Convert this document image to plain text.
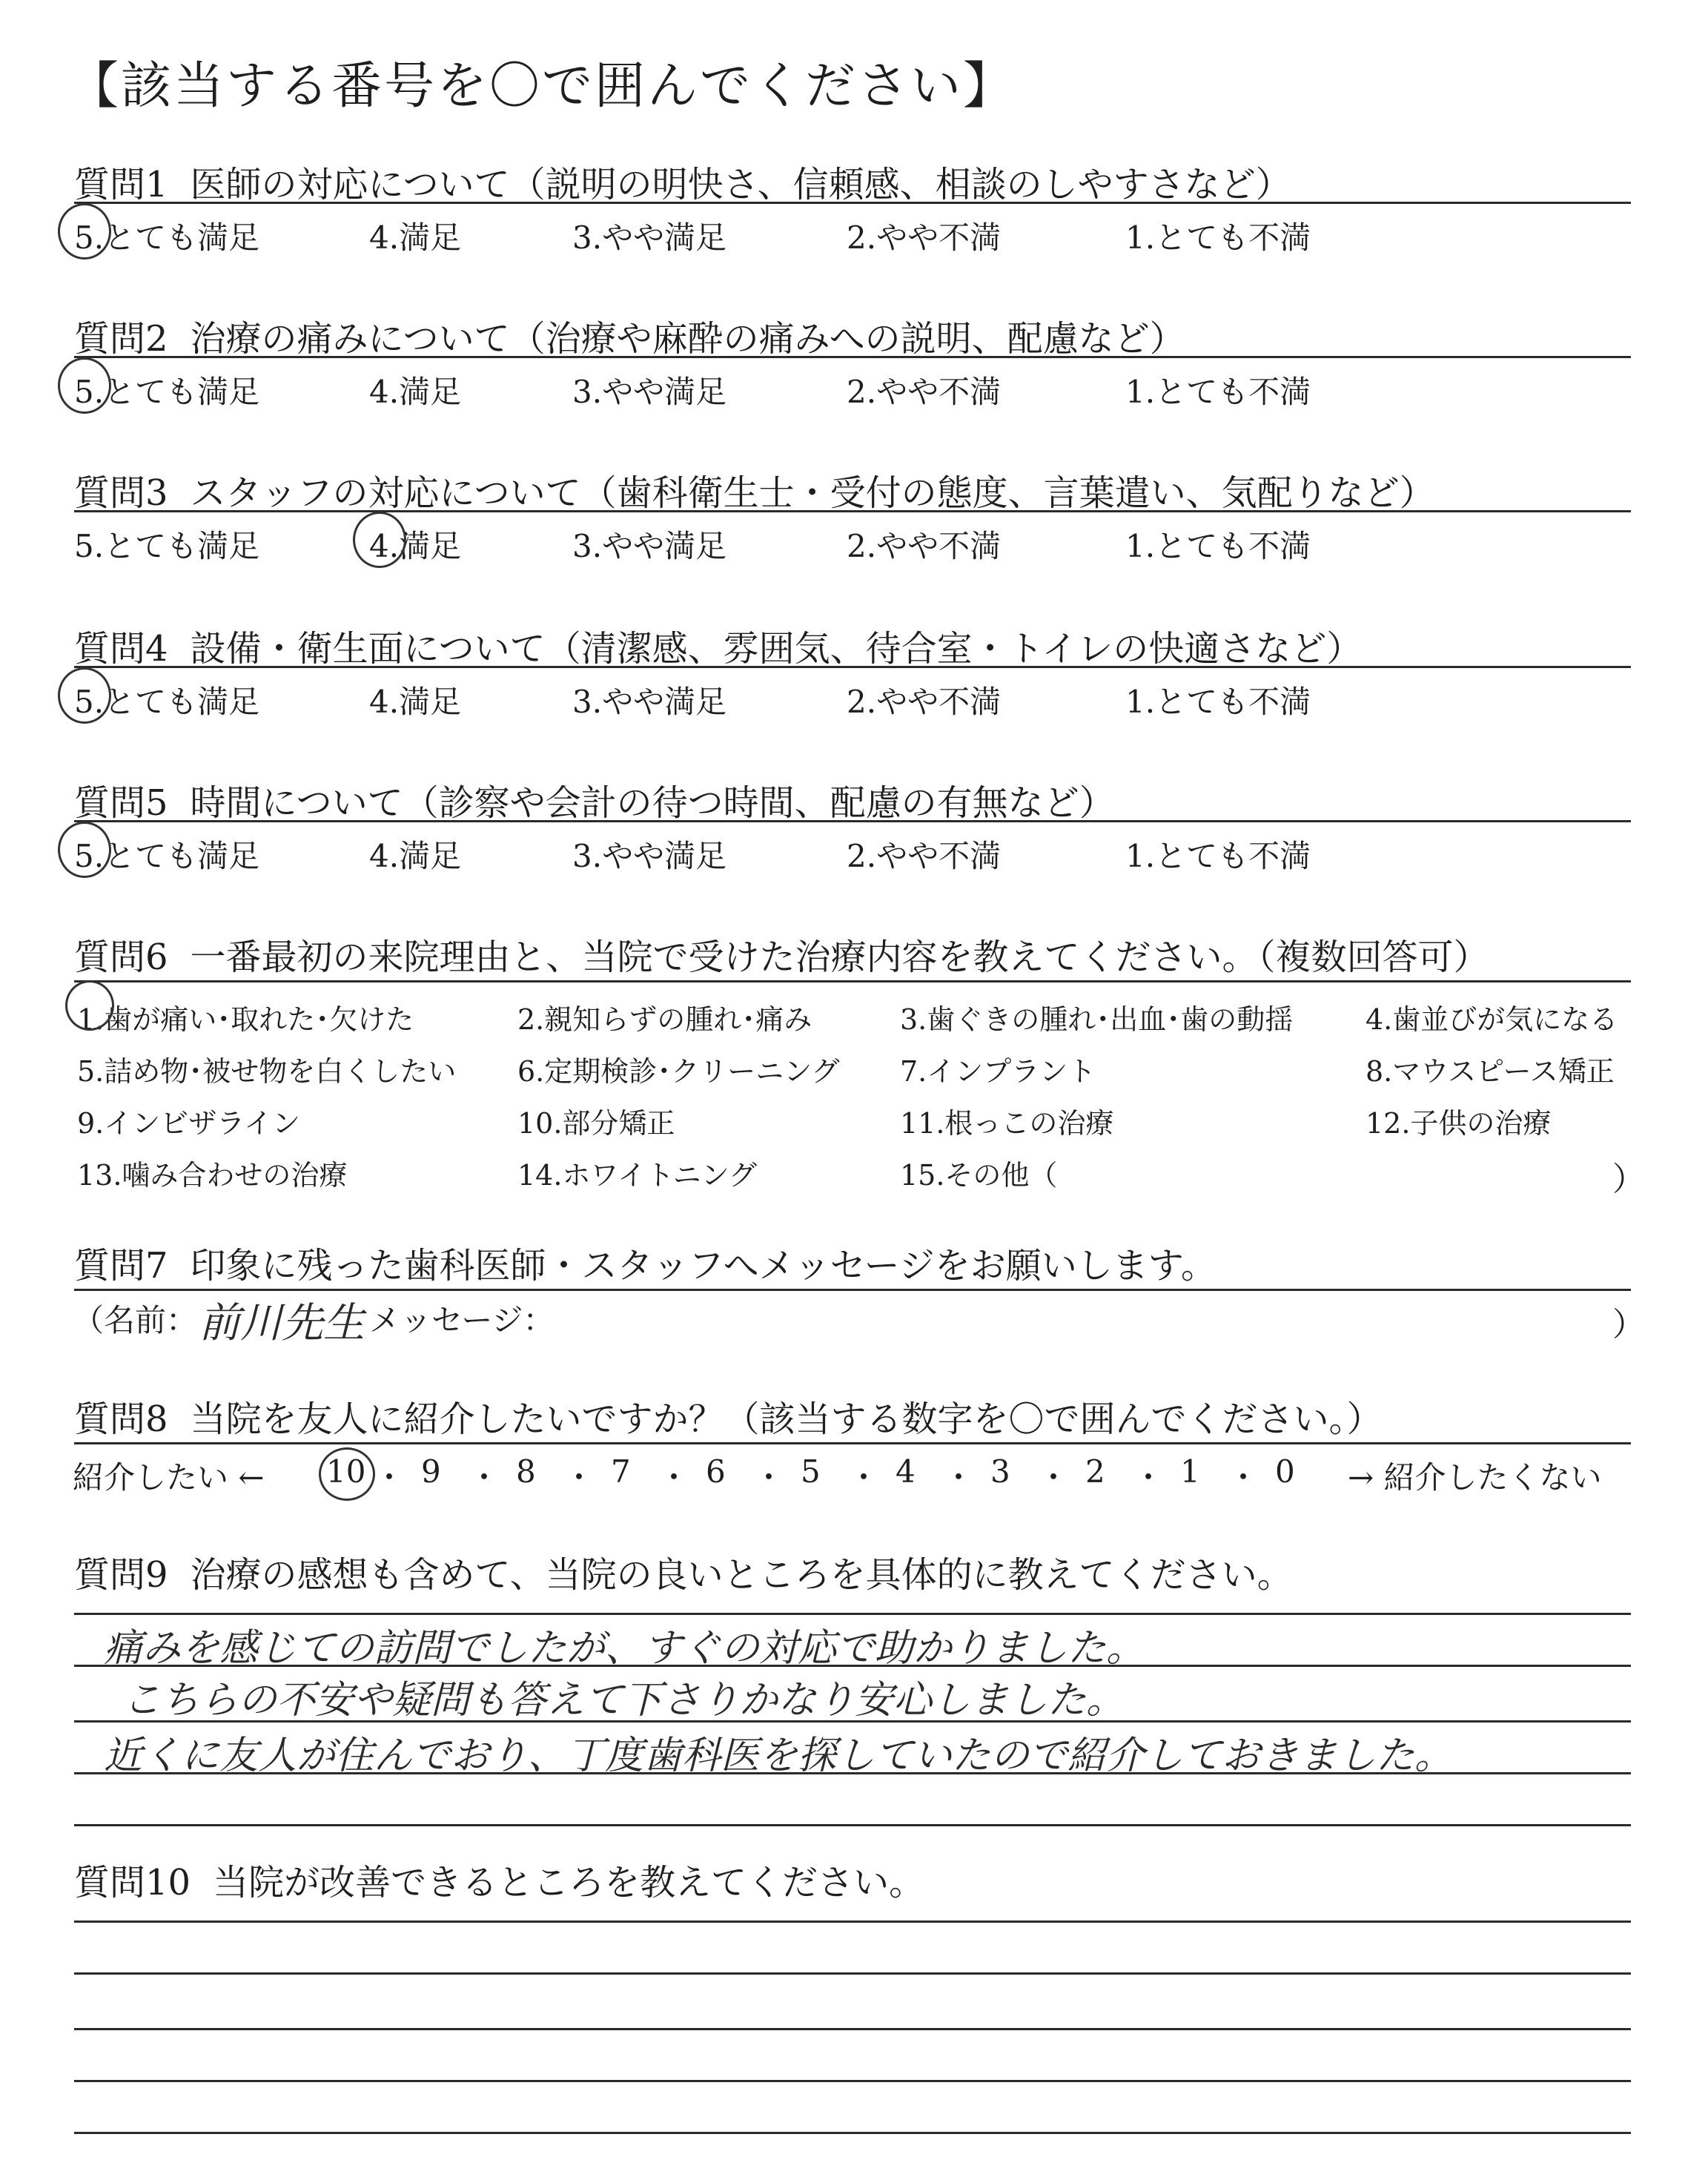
【該当する番号を〇で囲んでください】
質問1 医師の対応について（説明の明快さ、信頼感、相談のしやすさなど）
5.とても満足	4.満足	3.やや満足	2.やや不満	1.とても不満
質問2 治療の痛みについて（治療や麻酔の痛みへの説明、配慮など）
5.とても満足	4.満足	3.やや満足	2.やや不満	1.とても不満
質問3 スタッフの対応について（歯科衛生士・受付の態度、言葉遣い、気配りなど）
5.とても満足	4.満足	3.やや満足	2.やや不満	1.とても不満
質問4 設備・衛生面について（清潔感、雰囲気、待合室・トイレの快適さなど）
5.とても満足	4.満足	3.やや満足	2.やや不満	1.とても不満
質問5 時間について（診察や会計の待つ時間、配慮の有無など）
5.とても満足	4.満足	3.やや満足	2.やや不満	1.とても不満
質問6 一番最初の来院理由と、当院で受けた治療内容を教えてください。（複数回答可）
1.歯が痛い･取れた･欠けた	2.親知らずの腫れ･痛み	3.歯ぐきの腫れ･出血･歯の動揺	4.歯並びが気になる
5.詰め物･被せ物を白くしたい 6.定期検診･クリーニング 7.インプラント	8.マウスピース矯正
9.インビザライン	10.部分矯正	11.根っこの治療	12.子供の治療
13.噛み合わせの治療	14.ホワイトニング	15.その他（	）
質問7 印象に残った歯科医師・スタッフへメッセージをお願いします。
（名前： 前川先生 メッセージ：	）
質問8 当院を友人に紹介したいですか？（該当する数字を〇で囲んでください。）
紹介したい ←	→ 紹介したくない
10 ・ 9 ・ 8 ・ 7 ・ 6 ・ 5 ・ 4 ・ 3 ・ 2 ・ 1 ・ 0
質問9 治療の感想も含めて、当院の良いところを具体的に教えてください。
痛みを感じての訪問でしたが、すぐの対応で助かりました。
こちらの不安や疑問も答えて下さりかなり安心しました。
近くに友人が住んでおり、丁度歯科医を探していたので紹介しておきました。
質問10 当院が改善できるところを教えてください。
